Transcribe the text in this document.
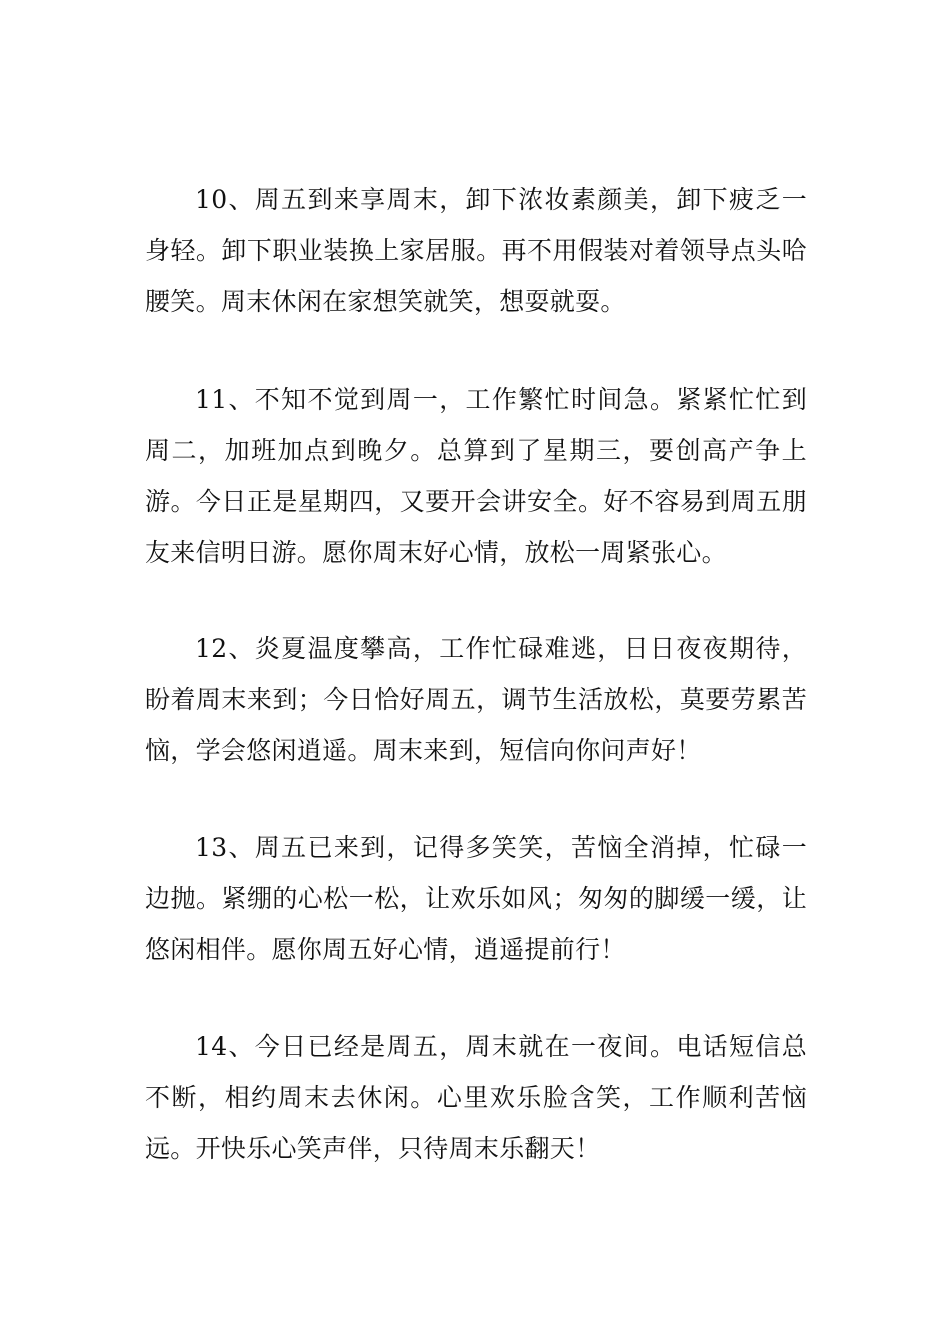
10、周五到来享周末，卸下浓妆素颜美，卸下疲乏一身轻。卸下职业装换上家居服。再不用假装对着领导点头哈腰笑。周末休闲在家想笑就笑，想耍就耍。

11、不知不觉到周一，工作繁忙时间急。紧紧忙忙到周二，加班加点到晚夕。总算到了星期三，要创高产争上游。今日正是星期四，又要开会讲安全。好不容易到周五朋友来信明日游。愿你周末好心情，放松一周紧张心。

12、炎夏温度攀高，工作忙碌难逃，日日夜夜期待，盼着周末来到；今日恰好周五，调节生活放松，莫要劳累苦恼，学会悠闲逍遥。周末来到，短信向你问声好！

13、周五已来到，记得多笑笑，苦恼全消掉，忙碌一边抛。紧绷的心松一松，让欢乐如风；匆匆的脚缓一缓，让悠闲相伴。愿你周五好心情，逍遥提前行！

14、今日已经是周五，周末就在一夜间。电话短信总不断，相约周末去休闲。心里欢乐脸含笑，工作顺利苦恼远。开快乐心笑声伴，只待周末乐翻天！
